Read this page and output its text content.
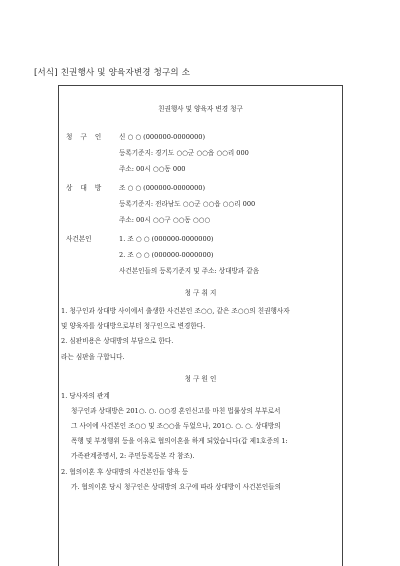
[서식] 친권행사 및 양육자변경 청구의 소
친권행사 및 양육자 변경 청구
청 구 인 신 ○ ○ (000000-0000000)
등록기준지: 경기도 ○○군 ○○읍 ○○리 000
주소: 00시 ○○동 000
상 대 방 조 ○ ○ (000000-0000000)
등록기준지: 전라남도 ○○군 ○○읍 ○○리 000
주소: 00시 ○○구 ○○동 ○○○
사건본인	1. 조 ○ ○ (000000-0000000)
2. 조 ○ ○ (000000-0000000)
사건본인들의 등록기준지 및 주소: 상대방과 같음
청 구 취 지
1. 청구인과 상대방 사이에서 출생한 사건본인 조○○, 같은 조○○의 친권행사자
및 양육자를 상대방으로부터 청구인으로 변경한다.
2. 심판비용은 상대방의 부담으로 한다.
라는 심판을 구합니다.
청 구 원 인
1. 당사자의 관계
청구인과 상대방은 201○. ○. ○○경 혼인신고를 마친 법률상의 부부로서
그 사이에 사건본인 조○○ 및 조○○을 두었으나, 201○. ○. ○. 상대방의
폭행 및 부정행위 등을 이유로 협의이혼을 하게 되었습니다(갑 제1호증의 1:
가족관계증명서, 2: 주민등록등본 각 참조).
2. 협의이혼 후 상대방의 사건본인들 양육 등
가. 협의이혼 당시 청구인은 상대방의 요구에 따라 상대방이 사건본인들의
